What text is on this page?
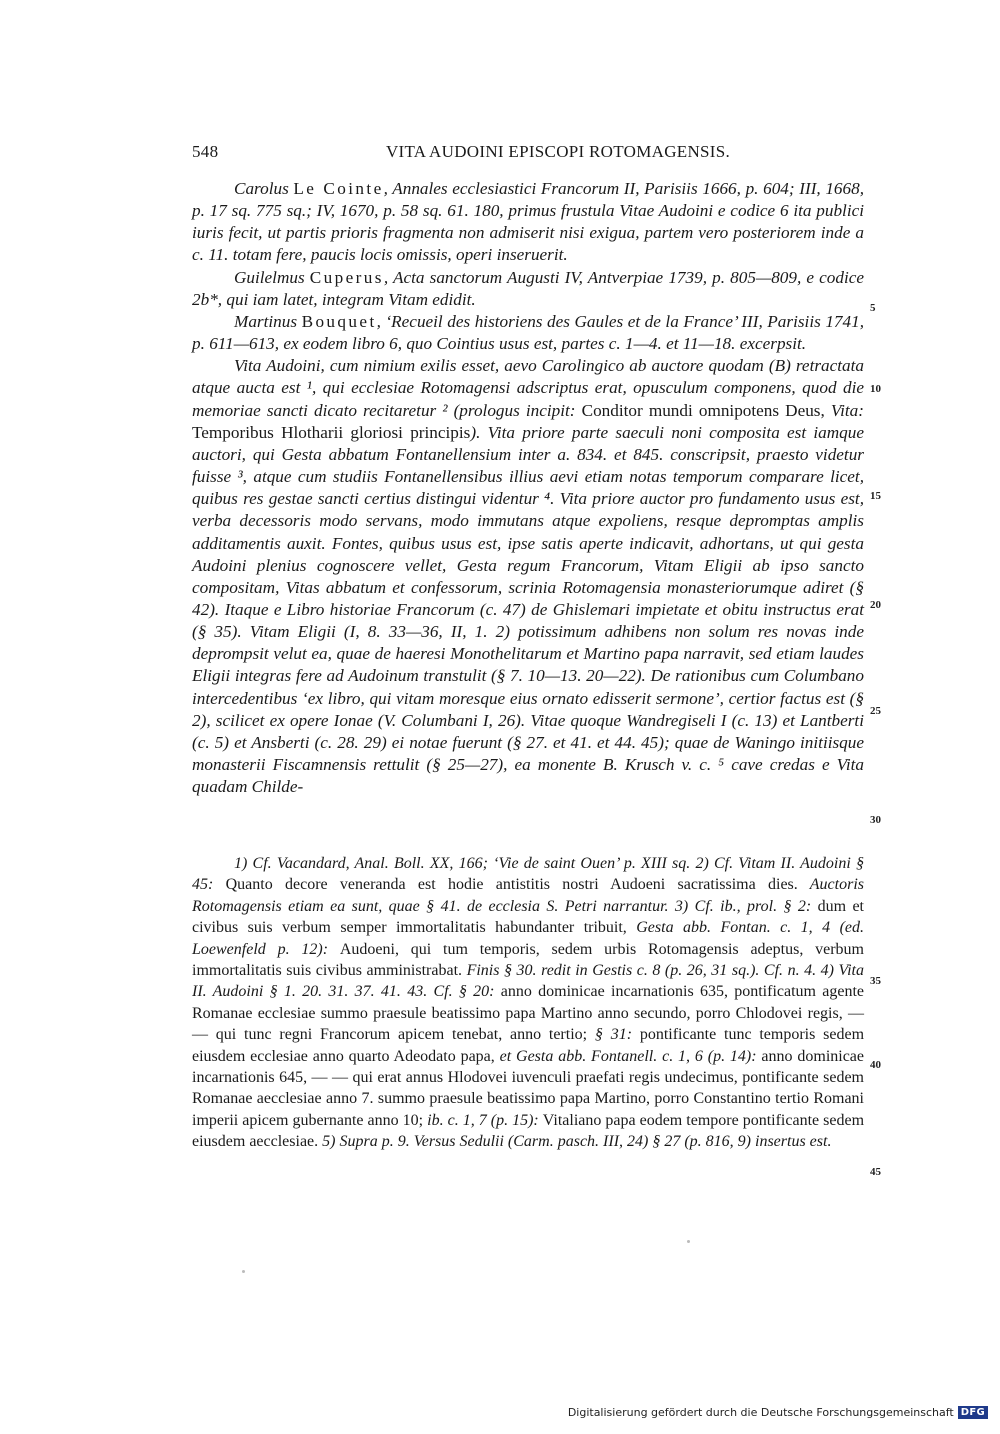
548	VITA AUDOINI EPISCOPI ROTOMAGENSIS.

Carolus Le Cointe, Annales ecclesiastici Francorum II, Parisiis 1666, p. 604; III, 1668, p. 17 sq. 775 sq.; IV, 1670, p. 58 sq. 61. 180, primus frustula Vitae Audoini e codice 6 ita publici iuris fecit, ut partis prioris fragmenta non admiserit nisi exigua, partem vero posteriorem inde a c. 11. totam fere, paucis locis omissis, operi inseruerit.

Guilelmus Cuperus, Acta sanctorum Augusti IV, Antverpiae 1739, p. 805—809, e codice 2b*, qui iam latet, integram Vitam edidit.

Martinus Bouquet, ‘Recueil des historiens des Gaules et de la France’ III, Parisiis 1741, p. 611—613, ex eodem libro 6, quo Cointius usus est, partes c. 1—4. et 11—18. excerpsit.

Vita Audoini, cum nimium exilis esset, aevo Carolingico ab auctore quodam (B) retractata atque aucta est ¹, qui ecclesiae Rotomagensi adscriptus erat, opusculum componens, quod die memoriae sancti dicato recitaretur ² (prologus incipit: Conditor mundi omnipotens Deus, Vita: Temporibus Hlotharii gloriosi principis). Vita priore parte saeculi noni composita est iamque auctori, qui Gesta abbatum Fontanellensium inter a. 834. et 845. conscripsit, praesto videtur fuisse ³, atque cum studiis Fontanellensibus illius aevi etiam notas temporum comparare licet, quibus res gestae sancti certius distingui videntur ⁴. Vita priore auctor pro fundamento usus est, verba decessoris modo servans, modo immutans atque expoliens, resque depromptas amplis additamentis auxit. Fontes, quibus usus est, ipse satis aperte indicavit, adhortans, ut qui gesta Audoini plenius cognoscere vellet, Gesta regum Francorum, Vitam Eligii ab ipso sancto compositam, Vitas abbatum et confessorum, scrinia Rotomagensia monasteriorumque adiret (§ 42). Itaque e Libro historiae Francorum (c. 47) de Ghislemari impietate et obitu instructus erat (§ 35). Vitam Eligii (I, 8. 33—36, II, 1. 2) potissimum adhibens non solum res novas inde deprompsit velut ea, quae de haeresi Monothelitarum et Martino papa narravit, sed etiam laudes Eligii integras fere ad Audoinum transtulit (§ 7. 10—13. 20—22). De rationibus cum Columbano intercedentibus ‘ex libro, qui vitam moresque eius ornato edisserit sermone’, certior factus est (§ 2), scilicet ex opere Ionae (V. Columbani I, 26). Vitae quoque Wandregiseli I (c. 13) et Lantberti (c. 5) et Ansberti (c. 28. 29) ei notae fuerunt (§ 27. et 41. et 44. 45); quae de Waningo initiisque monasterii Fiscamnensis rettulit (§ 25—27), ea monente B. Krusch v. c. ⁵ cave credas e Vita quadam Childe-

1) Cf. Vacandard, Anal. Boll. XX, 166; ‘Vie de saint Ouen’ p. XIII sq. 2) Cf. Vitam II. Audoini § 45: Quanto decore veneranda est hodie antistitis nostri Audoeni sacratissima dies. Auctoris Rotomagensis etiam ea sunt, quae § 41. de ecclesia S. Petri narrantur. 3) Cf. ib., prol. § 2: dum et civibus suis verbum semper immortalitatis habundanter tribuit, Gesta abb. Fontan. c. 1, 4 (ed. Loewenfeld p. 12): Audoeni, qui tum temporis, sedem urbis Rotomagensis adeptus, verbum immortalitatis suis civibus amministrabat. Finis § 30. redit in Gestis c. 8 (p. 26, 31 sq.). Cf. n. 4. 4) Vita II. Audoini § 1. 20. 31. 37. 41. 43. Cf. § 20: anno dominicae incarnationis 635, pontificatum agente Romanae ecclesiae summo praesule beatissimo papa Martino anno secundo, porro Chlodovei regis, — — qui tunc regni Francorum apicem tenebat, anno tertio; § 31: pontificante tunc temporis sedem eiusdem ecclesiae anno quarto Adeodato papa, et Gesta abb. Fontanell. c. 1, 6 (p. 14): anno dominicae incarnationis 645, — — qui erat annus Hlodovei iuvenculi praefati regis undecimus, pontificante sedem Romanae aecclesiae anno 7. summo praesule beatissimo papa Martino, porro Constantino tertio Romani imperii apicem gubernante anno 10; ib. c. 1, 7 (p. 15): Vitaliano papa eodem tempore pontificante sedem eiusdem aecclesiae. 5) Supra p. 9. Versus Sedulii (Carm. pasch. III, 24) § 27 (p. 816, 9) insertus est.

5
10
15
20
25
30
35
40
45
Digitalisierung gefördert durch die Deutsche Forschungsgemeinschaft DFG
